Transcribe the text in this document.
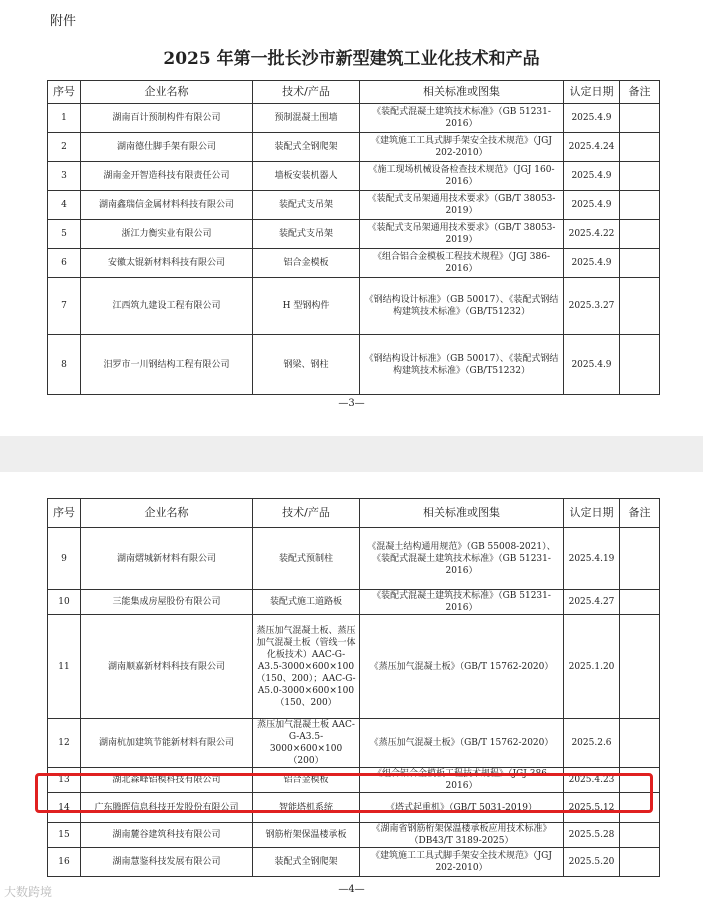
附件
2025 年第一批长沙市新型建筑工业化技术和产品
序号	企业名称	技术/产品	相关标准或图集	认定日期	备注
1	湖南百计预制构件有限公司	预制混凝土围墙	《装配式混凝土建筑技术标准》（GB 51231-2016）	2025.4.9	
2	湖南德仕脚手架有限公司	装配式全钢爬架	《建筑施工工具式脚手架安全技术规范》（JGJ 202-2010）	2025.4.24	
3	湖南金开智造科技有限责任公司	墙板安装机器人	《施工现场机械设备检查技术规范》（JGJ 160-2016）	2025.4.9	
4	湖南鑫瑞信金属材料科技有限公司	装配式支吊架	《装配式支吊架通用技术要求》（GB/T 38053-2019）	2025.4.9	
5	浙江力衡实业有限公司	装配式支吊架	《装配式支吊架通用技术要求》（GB/T 38053-2019）	2025.4.22	
6	安徽太锟新材料科技有限公司	铝合金模板	《组合铝合金模板工程技术规程》（JGJ 386-2016）	2025.4.9	
7	江西筑九建设工程有限公司	H 型钢构件	《钢结构设计标准》（GB 50017）、《装配式钢结构建筑技术标准》（GB/T51232）	2025.3.27	
8	汨罗市一川钢结构工程有限公司	钢梁、钢柱	《钢结构设计标准》（GB 50017）、《装配式钢结构建筑技术标准》（GB/T51232）	2025.4.9	
—3—
序号	企业名称	技术/产品	相关标准或图集	认定日期	备注
9	湖南熠城新材料有限公司	装配式预制柱	《混凝土结构通用规范》（GB 55008-2021）、《装配式混凝土建筑技术标准》（GB 51231-2016）	2025.4.19	
10	三能集成房屋股份有限公司	装配式施工道路板	《装配式混凝土建筑技术标准》（GB 51231-2016）	2025.4.27	
11	湖南顺嘉新材料科技有限公司	蒸压加气混凝土板、蒸压加气混凝土板（管线一体化板技术）AAC-G-A3.5-3000×600×100（150、200）；AAC-G-A5.0-3000×600×100（150、200）	《蒸压加气混凝土板》（GB/T 15762-2020）	2025.1.20	
12	湖南杭加建筑节能新材料有限公司	蒸压加气混凝土板 AAC-G-A3.5-3000×600×100（200）	《蒸压加气混凝土板》（GB/T 15762-2020）	2025.2.6	
13	湖北森峰铝模科技有限公司	铝合金模板	《组合铝合金模板工程技术规程》（JGJ 386-2016）	2025.4.23	
14	广东腾晖信息科技开发股份有限公司	智能塔机系统	《塔式起重机》（GB/T 5031-2019）	2025.5.12	
15	湖南麓谷建筑科技有限公司	钢筋桁架保温楼承板	《湖南省钢筋桁架保温楼承板应用技术标准》（DB43/T 3189-2025）	2025.5.28	
16	湖南慧鉴科技发展有限公司	装配式全钢爬架	《建筑施工工具式脚手架安全技术规范》（JGJ 202-2010）	2025.5.20	
—4—
大数跨境
